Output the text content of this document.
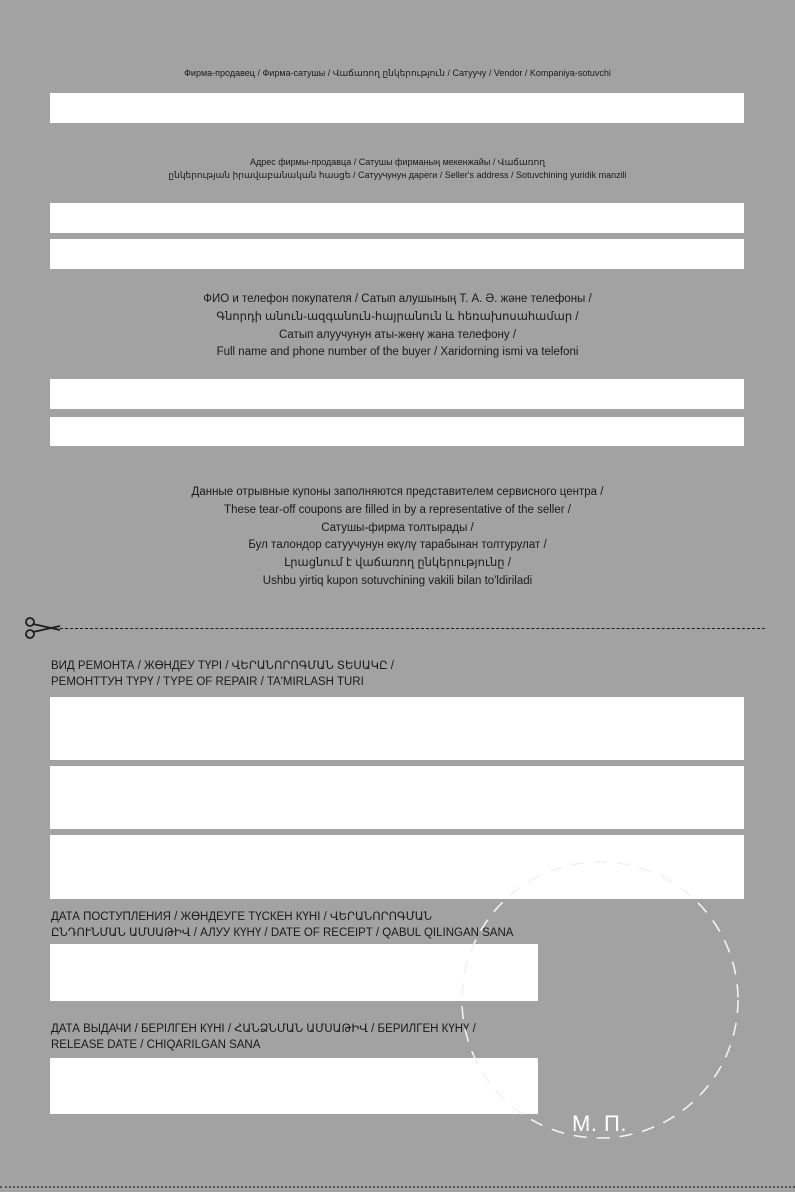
Фирма-продавец / Фирма-сатушы / Վաճառող ընկերություն / Сатуучу / Vendor / Kompaniya-sotuvchi
Адрес фирмы-продавца / Сатушы фирманың мекенжайы / Վաճառող
ընկերության իրավաբանական հասցե / Сатуучунун дареги / Seller's address / Sotuvchining yuridik manzili
ФИО и телефон покупателя / Сатып алушының Т. А. Ә. және телефоны /
Գնորդի անուն-ազգանուն-հայրանուն և հեռախոսահամար /
Сатып алуучунун аты-жөнү жана телефону /
Full name and phone number of the buyer / Xaridorning ismi va telefoni
Данные отрывные купоны заполняются представителем сервисного центра /
These tear-off coupons are filled in by a representative of the seller /
Сатушы-фирма толтырады /
Бул талондор сатуучунун өкүлү тарабынан толтурулат /
Լրացնում է վաճառող ընկերությունը /
Ushbu yirtiq kupon sotuvchining vakili bilan to'ldiriladi
ВИД РЕМОНТА / ЖӨНДЕУ ТҮРІ / ՎԵՐԱՆՈՐՈԳՄԱՆ ՏԵՍԱԿԸ /
РЕМОНТТУН ТҮРҮ / TYPE OF REPAIR / TA'MIRLASH TURI
ДАТА ПОСТУПЛЕНИЯ / ЖӨНДЕУГЕ ТҮСКЕН КҮНІ / ՎԵՐԱՆՈՐՈԳՄԱՆ
ԸՆԴՈՒՆՄԱՆ ԱՄՍԱԹԻՎ / АЛУУ КҮНҮ / DATE OF RECEIPT / QABUL QILINGAN SANA
ДАТА ВЫДАЧИ / БЕРІЛГЕН КҮНІ / ՀԱՆՁՆՄԱՆ ԱՄՍԱԹԻՎ / БЕРИЛГЕН КҮНҮ /
RELEASE DATE / CHIQARILGAN SANA
М. П.
